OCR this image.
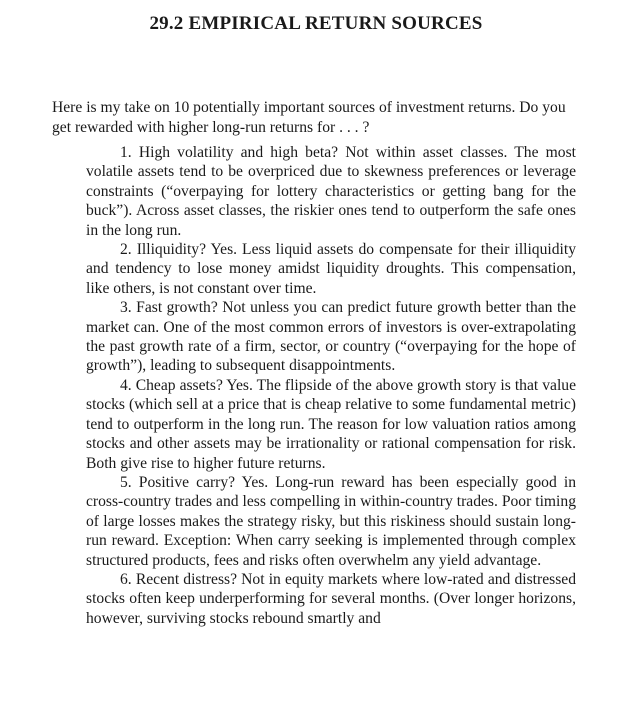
29.2 EMPIRICAL RETURN SOURCES

Here is my take on 10 potentially important sources of investment returns. Do you get rewarded with higher long-run returns for . . . ?

1. High volatility and high beta? Not within asset classes. The most volatile assets tend to be overpriced due to skewness preferences or leverage constraints (“overpaying for lottery characteristics or getting bang for the buck”). Across asset classes, the riskier ones tend to outperform the safe ones in the long run.

2. Illiquidity? Yes. Less liquid assets do compensate for their illiquidity and tendency to lose money amidst liquidity droughts. This compensation, like others, is not constant over time.

3. Fast growth? Not unless you can predict future growth better than the market can. One of the most common errors of investors is over-extrapolating the past growth rate of a firm, sector, or country (“overpaying for the hope of growth”), leading to subsequent disappointments.

4. Cheap assets? Yes. The flipside of the above growth story is that value stocks (which sell at a price that is cheap relative to some fundamental metric) tend to outperform in the long run. The reason for low valuation ratios among stocks and other assets may be irrationality or rational compensation for risk. Both give rise to higher future returns.

5. Positive carry? Yes. Long-run reward has been especially good in cross-country trades and less compelling in within-country trades. Poor timing of large losses makes the strategy risky, but this riskiness should sustain long-run reward. Exception: When carry seeking is implemented through complex structured products, fees and risks often overwhelm any yield advantage.

6. Recent distress? Not in equity markets where low-rated and distressed stocks often keep underperforming for several months. (Over longer horizons, however, surviving stocks rebound smartly and
